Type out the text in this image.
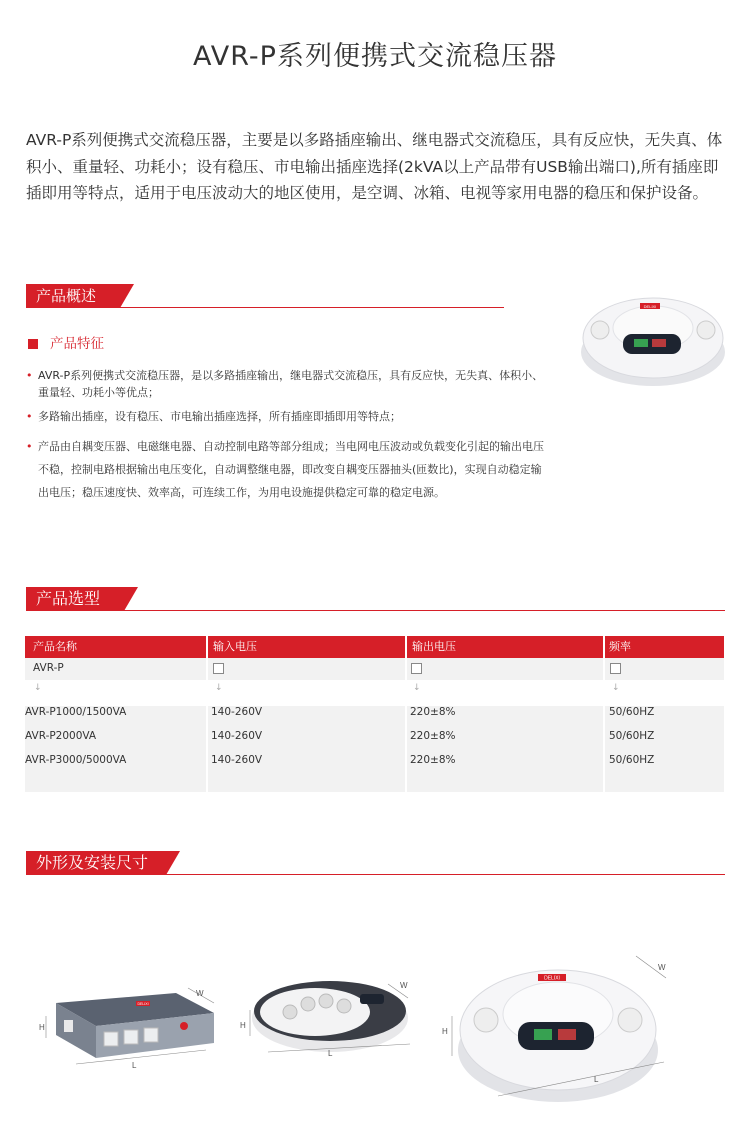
AVR-P系列便携式交流稳压器
AVR-P系列便携式交流稳压器，主要是以多路插座输出、继电器式交流稳压，具有反应快，无失真、体积小、重量轻、功耗小；设有稳压、市电输出插座选择(2kVA以上产品带有USB输出端口),所有插座即插即用等特点，适用于电压波动大的地区使用，是空调、冰箱、电视等家用电器的稳压和保护设备。
产品概述
产品特征
• AVR-P系列便携式交流稳压器，是以多路插座输出，继电器式交流稳压，具有反应快，无失真、体积小、重量轻、功耗小等优点；
• 多路输出插座，设有稳压、市电输出插座选择，所有插座即插即用等特点；
• 产品由自耦变压器、电磁继电器、自动控制电路等部分组成；当电网电压波动或负载变化引起的输出电压不稳，控制电路根据输出电压变化，自动调整继电器，即改变自耦变压器抽头(匝数比)，实现自动稳定输出电压；稳压速度快、效率高，可连续工作，为用电设施提供稳定可靠的稳定电源。
DELIXI
产品选型
产品名称	输入电压	输出电压	频率
AVR-P
↓	↓	↓	↓
AVR-P1000/1500VA	140-260V	220±8%	50/60HZ
AVR-P2000VA	140-260V	220±8%	50/60HZ
AVR-P3000/5000VA	140-260V	220±8%	50/60HZ
外形及安装尺寸
DELIXI
W
H
L
W
H
L
DELIXI
W
H
L
